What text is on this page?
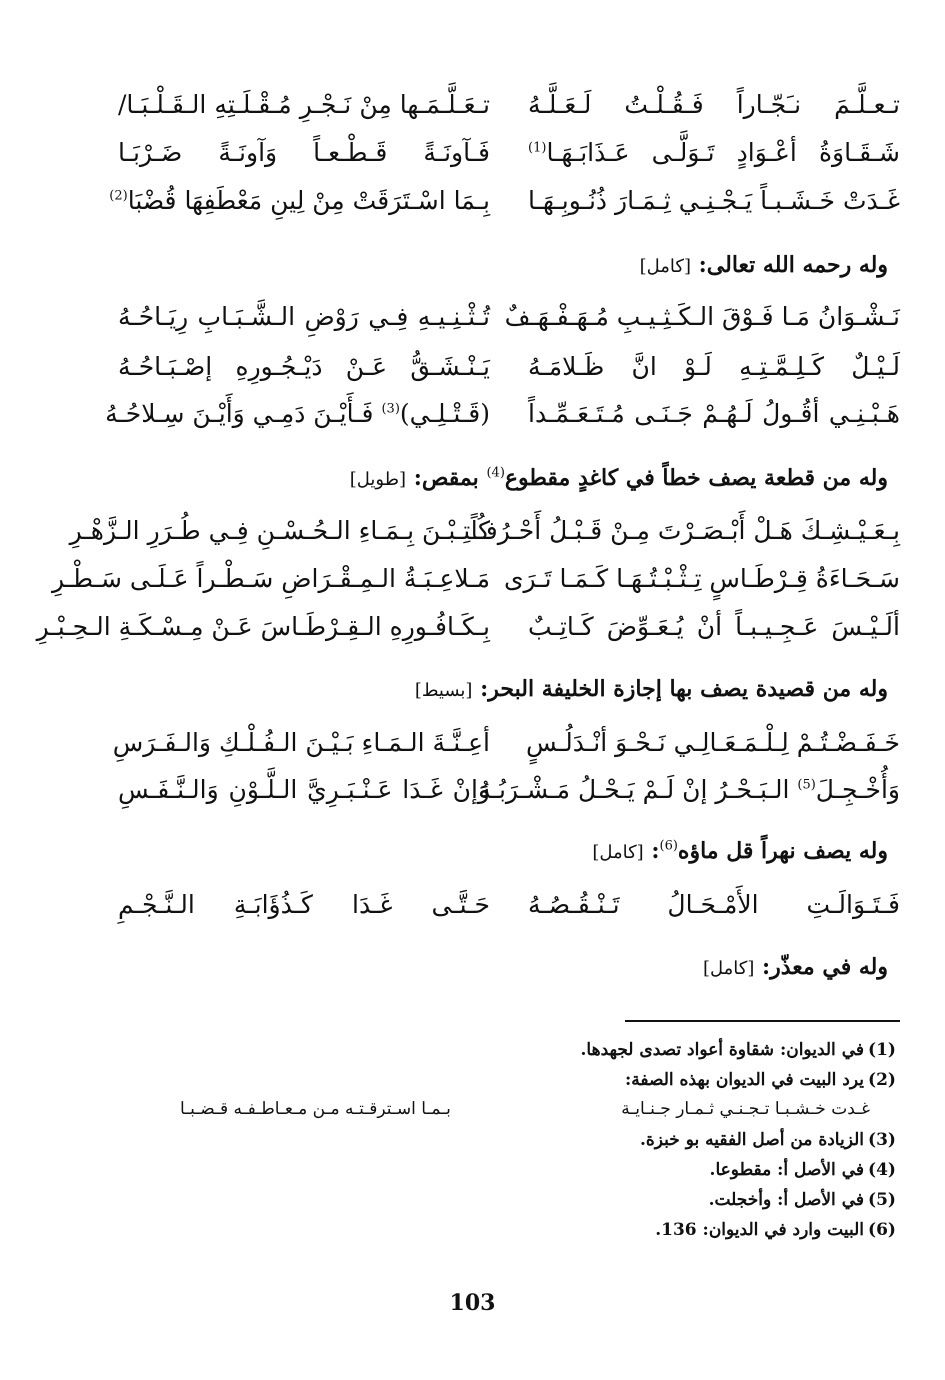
تـعـلَّـمَ نـَجّـاراً فَـقُـلْـتُ لَـعَـلَّـهُ
تـعَـلَّـمَـها مِنْ نَـجْـرِ مُـقْـلَـتِهِ الـقَـلْـبَـا/
شَـقَـاوَةُ أعْـوَادٍ تَـوَلَّـى عَـذَابَـهَـا$^{(1)}$
فَـآونَـةً قَـطْـعـاً وَآونَـةً ضَـرْبَـا
غَـدَتْ خَـشَـبـاً يَـجْـنِـي ثِـمَـارَ ذُنُـوبِـهَـا
بِـمَا اسْـتَرَقَتْ مِنْ لِينِ مَعْطَفِهَا قُضْبَا$^{(2)}$
وله رحمه الله تعالى: [كامل]
نَـشْـوَانُ مَـا فَـوْقَ الـكَـثِـيـبِ مُـهَـفْـهَـفٌ
تُـثْـنِـيـهِ فِـي رَوْضِ الـشَّـبَـابِ رِيَـاحُـهُ
لَـيْـلٌ كَـلِـمَّـتِـهِ لَـوْ انَّ ظَـلامَـهُ
يَـنْـشَـقُّ عَـنْ دَيْـجُـورِهِ إصْـبَـاحُـهُ
هَـبْـنِـي أقُـولُ لَـهُـمْ جَـنَـى مُـتَـعَـمِّـداً
(قَـتْـلِـي)$^{(3)}$ فَـأَيْـنَ دَمِـي وَأَيْـنَ سِـلاحُـهُ
وله من قطعة يصف خطاً في كاغدٍ مقطوع$^{(4)}$ بمقص: [طويل]
بِـعَـيْـشِـكَ هَـلْ أَبْـصَـرْتَ مِـنْ قَـبْـلُ أَحْـرُفـاً
كُـتِـبْـنَ بِـمَـاءِ الـحُـسْـنِ فِـي طُـرَرِ الـزَّهْـرِ
سَـحَـاءَةُ قِـرْطَـاسٍ تِـثْـبْـتُـهَـا كَـمَـا تَـرَى
مَـلاعِـبَـةُ الـمِـقْـرَاضِ سَـطْـراً عَـلَـى سَـطْـرِ
ألَـيْـسَ عَـجِـيـبـاً أنْ يُـعَـوِّضَ كَـاتِـبٌ
بِـكَـافُـورِهِ الـقِـرْطَـاسَ عَـنْ مِـسْـكَـةِ الـحِـبْـرِ
وله من قصيدة يصف بها إجازة الخليفة البحر: [بسيط]
خَـفَـضْـتُـمْ لِـلْـمَـعَـالِـي نَـحْـوَ أنْـدَلُـسٍ
أعِـنَّـةَ الـمَـاءِ بَـيْـنَ الـفُـلْـكِ وَالـفَـرَسِ
وَأُخْـجِـلَ$^{(5)}$ الـبَـحْـرُ إنْ لَـمْ يَـحْـلُ مَـشْـرَبُـهُ
وَإنْ غَـدَا عَـنْـبَـرِيَّ الـلَّـوْنِ وَالـنَّـفَـسِ
وله يصف نهراً قل ماؤه$^{(6)}$: [كامل]
فَـتَـوَالَـتِ الأَمْـحَـالُ تَـنْـقُـصُـهُ
حَـتَّـى غَـدَا كَـذُؤَابَـةِ الـنَّـجْـمِ
وله في معذّر: [كامل]
(1)
في الديوان: شقاوة أعواد تصدى لجهدها.
(2)
يرد البيت في الديوان بهذه الصفة:
غـدت خـشـبـا تـجـنـي ثـمـار جـنـايـة
بـمـا اسـترقـتـه مـن مـعـاطـفـه قـضـبـا
(3)
الزيادة من أصل الفقيه بو خبزة.
(4)
في الأصل أ: مقطوعا.
(5)
في الأصل أ: وأخجلت.
(6)
البيت وارد في الديوان: 136.
103
